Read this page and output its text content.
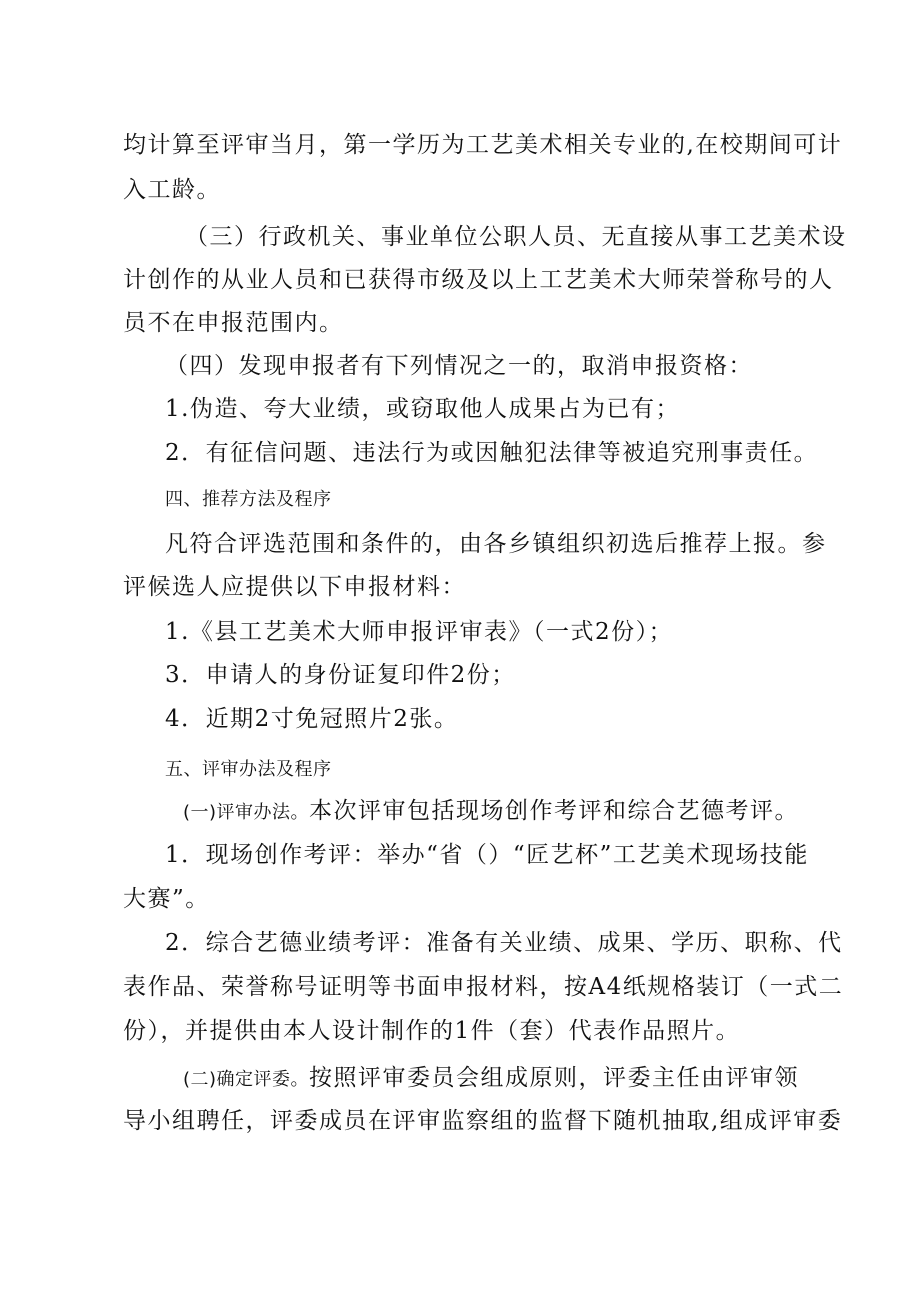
均计算至评审当月，第一学历为工艺美术相关专业的,在校期间可计
入工龄。
（三）行政机关、事业单位公职人员、无直接从事工艺美术设
计创作的从业人员和已获得市级及以上工艺美术大师荣誉称号的人
员不在申报范围内。
（四）发现申报者有下列情况之一的，取消申报资格：
1.伪造、夸大业绩，或窃取他人成果占为已有；
2．有征信问题、违法行为或因触犯法律等被追究刑事责任。
四、推荐方法及程序
凡符合评选范围和条件的，由各乡镇组织初选后推荐上报。参
评候选人应提供以下申报材料：
1.《县工艺美术大师申报评审表》（一式2份）；
3．申请人的身份证复印件2份；
4．近期2寸免冠照片2张。
五、评审办法及程序
(一)评审办法。本次评审包括现场创作考评和综合艺德考评。
1．现场创作考评：举办“省（）“匠艺杯”工艺美术现场技能
大赛”。
2．综合艺德业绩考评：准备有关业绩、成果、学历、职称、代
表作品、荣誉称号证明等书面申报材料，按A4纸规格装订（一式二
份），并提供由本人设计制作的1件（套）代表作品照片。
(二)确定评委。按照评审委员会组成原则，评委主任由评审领
导小组聘任，评委成员在评审监察组的监督下随机抽取,组成评审委
